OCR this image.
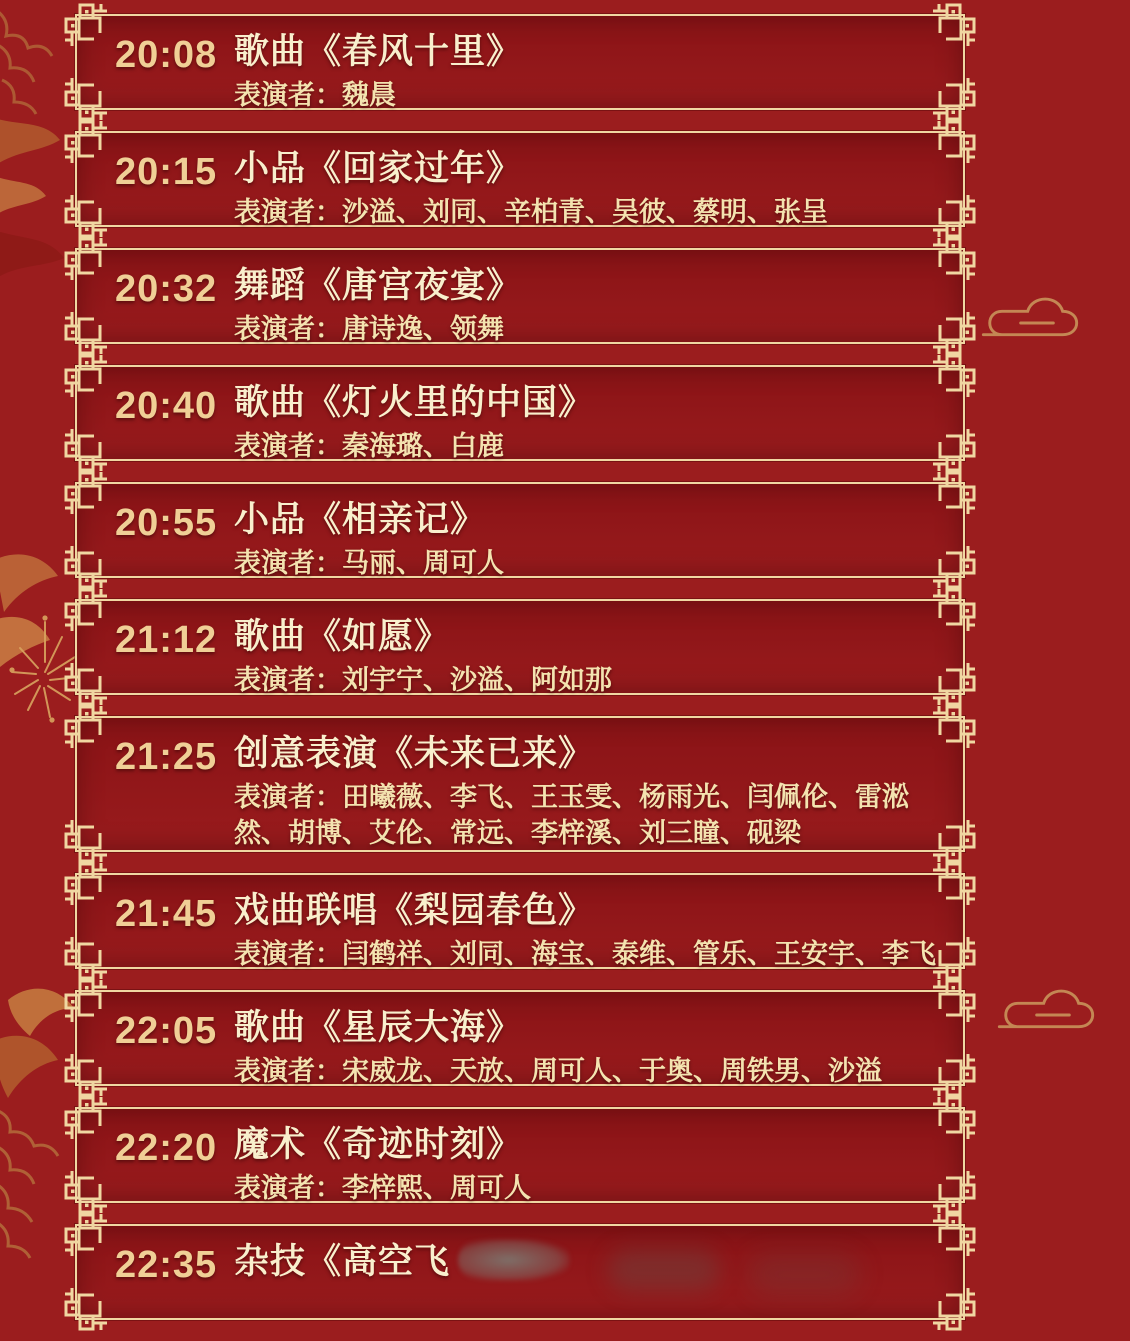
20:08 歌曲《春风十里》
表演者：魏晨
20:15 小品《回家过年》
表演者：沙溢、刘同、辛柏青、吴彼、蔡明、张呈
20:32 舞蹈《唐宫夜宴》
表演者：唐诗逸、领舞
20:40 歌曲《灯火里的中国》
表演者：秦海璐、白鹿
20:55 小品《相亲记》
表演者：马丽、周可人
21:12 歌曲《如愿》
表演者：刘宇宁、沙溢、阿如那
21:25 创意表演《未来已来》
表演者：田曦薇、李飞、王玉雯、杨雨光、闫佩伦、雷淞然、胡博、艾伦、常远、李梓溪、刘三瞳、砚梁
21:45 戏曲联唱《梨园春色》
表演者：闫鹤祥、刘同、海宝、泰维、管乐、王安宇、李飞
22:05 歌曲《星辰大海》
表演者：宋威龙、天放、周可人、于奥、周铁男、沙溢
22:20 魔术《奇迹时刻》
表演者：李梓熙、周可人
22:35 杂技《高空飞
